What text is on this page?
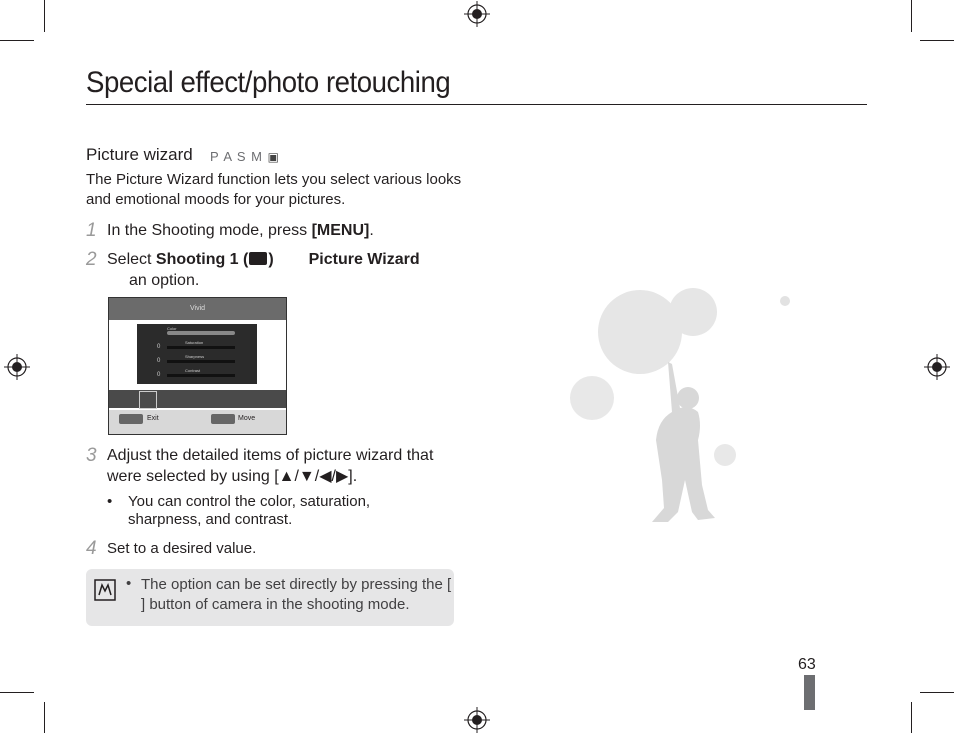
Special effect/photo retouching
Picture wizard P A S M ▣
The Picture Wizard function lets you select various looks and emotional moods for your pictures.
1 In the Shooting mode, press [MENU].
2 Select Shooting 1 ( ) Picture Wizard
an option.
Vivid
Color
Saturation
Sharpness
Contrast
0
0
0
Exit	Move
3 Adjust the detailed items of picture wizard that were selected by using [▲/▼/◀/▶].
• You can control the color, saturation, sharpness, and contrast.
4 Set to a desired value.
• The option can be set directly by pressing the [ ] button of camera in the shooting mode.
63
